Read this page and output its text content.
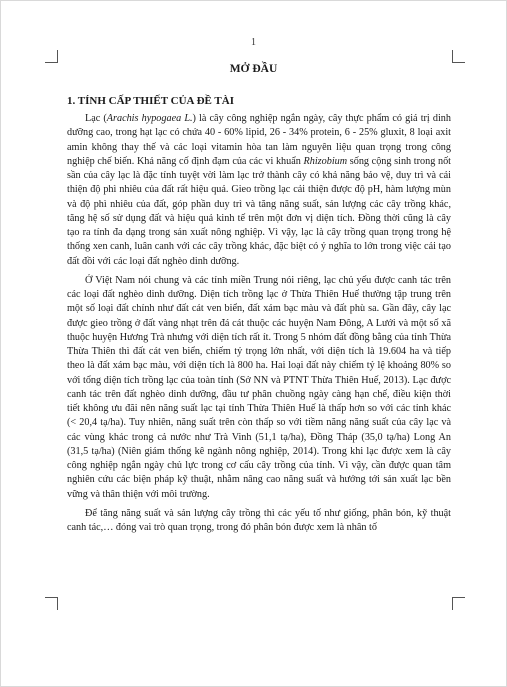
1
MỞ ĐẦU
1. TÍNH CẤP THIẾT CỦA ĐỀ TÀI

Lạc (Arachis hypogaea L.) là cây công nghiệp ngắn ngày, cây thực phẩm có giá trị dinh dưỡng cao, trong hạt lạc có chứa 40 - 60% lipid, 26 - 34% protein, 6 - 25% gluxit, 8 loại axit amin không thay thế và các loại vitamin hòa tan làm nguyên liệu quan trọng trong công nghiệp chế biến. Khả năng cố định đạm của các vi khuẩn Rhizobium sống cộng sinh trong nốt sần của cây lạc là đặc tính tuyệt vời làm lạc trở thành cây có khả năng bảo vệ, duy trì và cải thiện độ phì nhiêu của đất rất hiệu quả. Gieo trồng lạc cải thiện được độ pH, hàm lượng mùn và độ phì nhiêu của đất, góp phần duy trì và tăng năng suất, sản lượng các cây trồng khác, tăng hệ số sử dụng đất và hiệu quả kinh tế trên một đơn vị diện tích. Đồng thời cũng là cây tạo ra tính đa dạng trong sản xuất nông nghiệp. Vì vậy, lạc là cây trồng quan trọng trong hệ thống xen canh, luân canh với các cây trồng khác, đặc biệt có ý nghĩa to lớn trong việc cải tạo đất đồi với các loại đất nghèo dinh dưỡng.

Ở Việt Nam nói chung và các tỉnh miền Trung nói riêng, lạc chủ yếu được canh tác trên các loại đất nghèo dinh dưỡng. Diện tích trồng lạc ở Thừa Thiên Huế thường tập trung trên một số loại đất chính như đất cát ven biển, đất xám bạc màu và đất phù sa. Gần đây, cây lạc được gieo trồng ở đất vàng nhạt trên đá cát thuộc các huyện Nam Đông, A Lưới và một số xã thuộc huyện Hương Trà nhưng với diện tích rất ít. Trong 5 nhóm đất đồng bằng của tỉnh Thừa Thừa Thiên thì đất cát ven biển, chiếm tỷ trọng lớn nhất, với diện tích là 19.604 ha và tiếp theo là đất xám bạc màu, với diện tích là 800 ha. Hai loại đất này chiếm tỷ lệ khoảng 80% so với tổng diện tích trồng lạc của toàn tỉnh (Sở NN và PTNT Thừa Thiên Huế, 2013). Lạc được canh tác trên đất nghèo dinh dưỡng, đầu tư phân chuồng ngày càng hạn chế, điều kiện thời tiết không ưu đãi nên năng suất lạc tại tỉnh Thừa Thiên Huế là thấp hơn so với các tỉnh khác (< 20,4 tạ/ha). Tuy nhiên, năng suất trên còn thấp so với tiềm năng năng suất của cây lạc và các vùng khác trong cả nước như Trà Vinh (51,1 tạ/ha), Đồng Tháp (35,0 tạ/ha) Long An (31,5 tạ/ha) (Niên giám thống kê ngành nông nghiệp, 2014). Trong khi lạc được xem là cây công nghiệp ngắn ngày chủ lực trong cơ cấu cây trồng của tỉnh. Vì vậy, cần được quan tâm nghiên cứu các biện pháp kỹ thuật, nhằm nâng cao năng suất và hướng tới sản xuất lạc bền vững và thân thiện với môi trường.

Để tăng năng suất và sản lượng cây trồng thì các yếu tố như giống, phân bón, kỹ thuật canh tác,… đóng vai trò quan trọng, trong đó phân bón được xem là nhân tố
